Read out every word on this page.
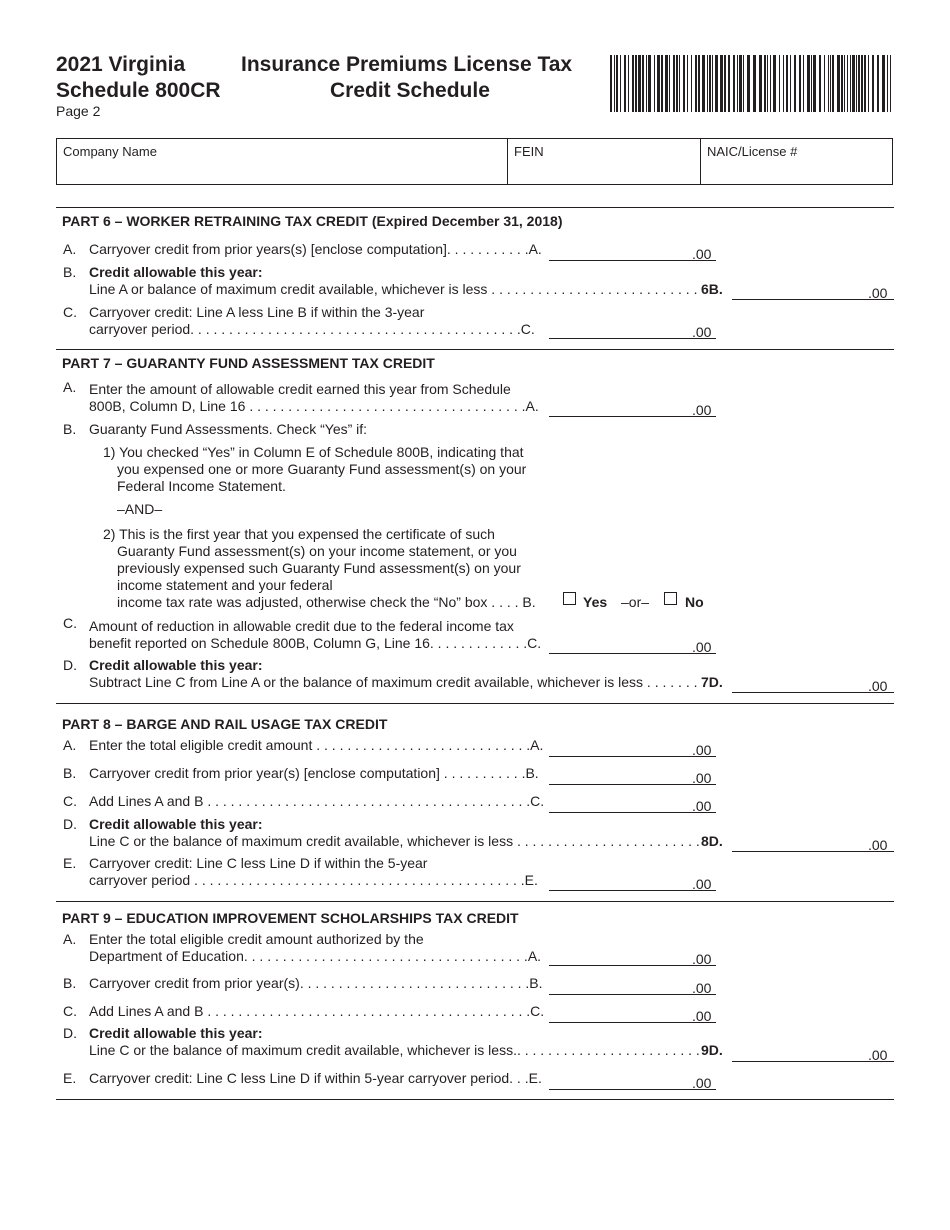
2021 Virginia
Schedule 800CR
Page 2
Insurance Premiums License Tax
Credit Schedule
Company Name	FEIN	NAIC/License #
PART 6 – WORKER RETRAINING TAX CREDIT (Expired December 31, 2018)
A. Carryover credit from prior years(s) [enclose computation]. . . . . . . . . . .A.	.00
B. Credit allowable this year:
Line A or balance of maximum credit available, whichever is less . . . . . . . . . . . . . . . . . . . . . . . . . . . 6B.	.00
C. Carryover credit: Line A less Line B if within the 3-year
carryover period. . . . . . . . . . . . . . . . . . . . . . . . . . . . . . . . . . . . . . . . . . .C.	.00
PART 7 – GUARANTY FUND ASSESSMENT TAX CREDIT
A. Enter the amount of allowable credit earned this year from Schedule
800B, Column D, Line 16 . . . . . . . . . . . . . . . . . . . . . . . . . . . . . . . . . . . .A.	.00
B. Guaranty Fund Assessments. Check “Yes” if:
1) You checked “Yes” in Column E of Schedule 800B, indicating that
you expensed one or more Guaranty Fund assessment(s) on your
Federal Income Statement.
–AND–
2) This is the first year that you expensed the certificate of such
Guaranty Fund assessment(s) on your income statement, or you
previously expensed such Guaranty Fund assessment(s) on your
income statement and your federal
income tax rate was adjusted, otherwise check the “No” box . . . . B.	Yes –or–	No
C. Amount of reduction in allowable credit due to the federal income tax
benefit reported on Schedule 800B, Column G, Line 16. . . . . . . . . . . . .C.	.00
D. Credit allowable this year:
Subtract Line C from Line A or the balance of maximum credit available, whichever is less . . . . . . . 7D.	.00
PART 8 – BARGE AND RAIL USAGE TAX CREDIT
A. Enter the total eligible credit amount . . . . . . . . . . . . . . . . . . . . . . . . . . . .A.	.00
B. Carryover credit from prior year(s) [enclose computation] . . . . . . . . . . .B.	.00
C. Add Lines A and B . . . . . . . . . . . . . . . . . . . . . . . . . . . . . . . . . . . . . . . . . .C.	.00
D. Credit allowable this year:
Line C or the balance of maximum credit available, whichever is less . . . . . . . . . . . . . . . . . . . . . . . . 8D.	.00
E. Carryover credit: Line C less Line D if within the 5-year
carryover period . . . . . . . . . . . . . . . . . . . . . . . . . . . . . . . . . . . . . . . . . . .E.	.00
PART 9 – EDUCATION IMPROVEMENT SCHOLARSHIPS TAX CREDIT
A. Enter the total eligible credit amount authorized by the
Department of Education. . . . . . . . . . . . . . . . . . . . . . . . . . . . . . . . . . . . .A.	.00
B. Carryover credit from prior year(s). . . . . . . . . . . . . . . . . . . . . . . . . . . . . .B.	.00
C. Add Lines A and B . . . . . . . . . . . . . . . . . . . . . . . . . . . . . . . . . . . . . . . . . .C.	.00
D. Credit allowable this year:
Line C or the balance of maximum credit available, whichever is less.. . . . . . . . . . . . . . . . . . . . . . . . 9D.	.00
E. Carryover credit: Line C less Line D if within 5-year carryover period. . .E.	.00
